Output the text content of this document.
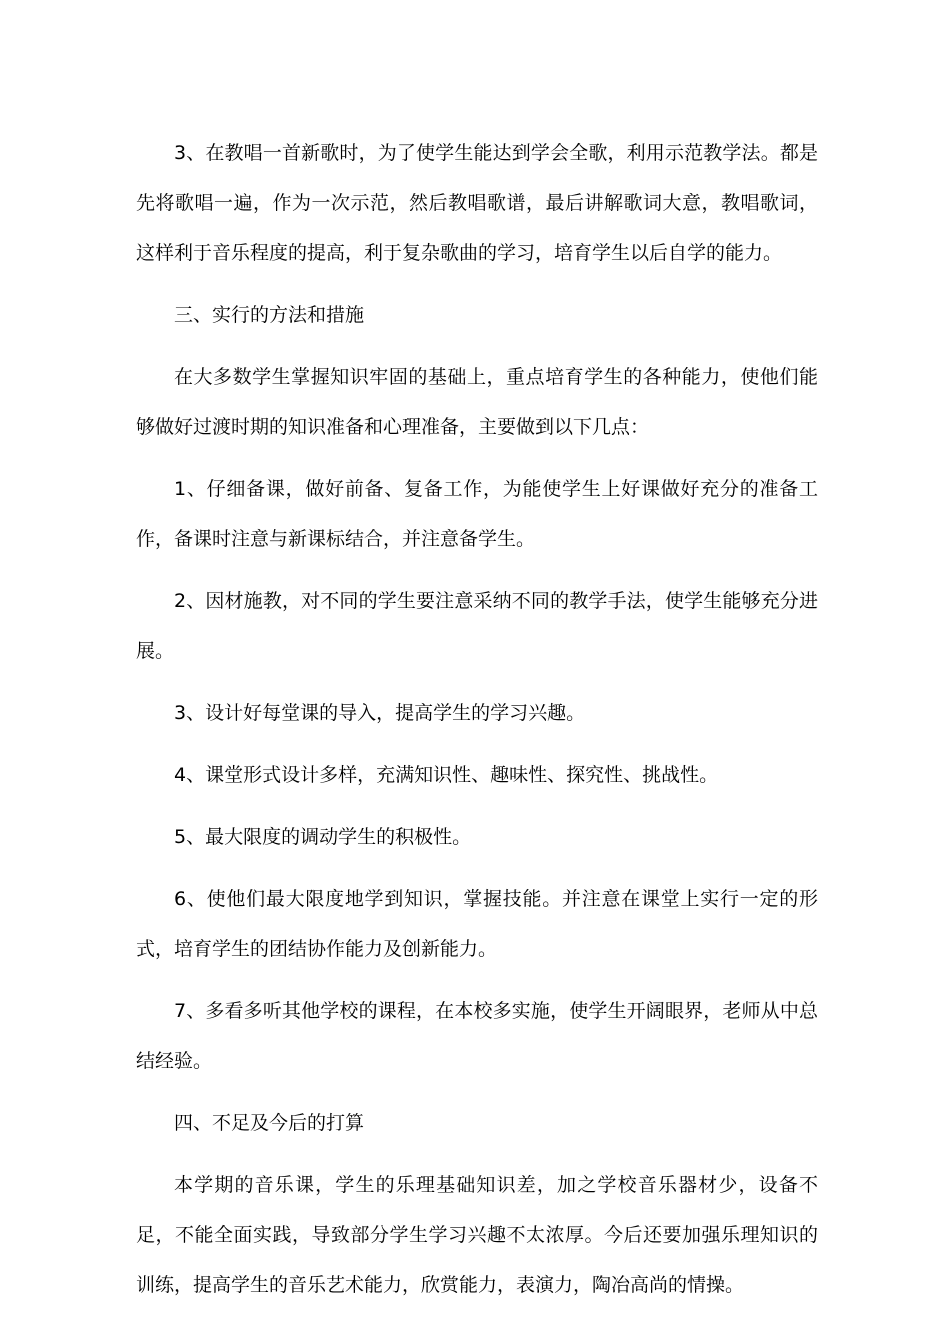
3、在教唱一首新歌时，为了使学生能达到学会全歌，利用示范教学法。都是先将歌唱一遍，作为一次示范，然后教唱歌谱，最后讲解歌词大意，教唱歌词，这样利于音乐程度的提高，利于复杂歌曲的学习，培育学生以后自学的能力。

三、实行的方法和措施

在大多数学生掌握知识牢固的基础上，重点培育学生的各种能力，使他们能够做好过渡时期的知识准备和心理准备，主要做到以下几点：

1、仔细备课，做好前备、复备工作，为能使学生上好课做好充分的准备工作，备课时注意与新课标结合，并注意备学生。

2、因材施教，对不同的学生要注意采纳不同的教学手法，使学生能够充分进展。

3、设计好每堂课的导入，提高学生的学习兴趣。

4、课堂形式设计多样，充满知识性、趣味性、探究性、挑战性。

5、最大限度的调动学生的积极性。

6、使他们最大限度地学到知识，掌握技能。并注意在课堂上实行一定的形式，培育学生的团结协作能力及创新能力。

7、多看多听其他学校的课程，在本校多实施，使学生开阔眼界，老师从中总结经验。

四、不足及今后的打算

本学期的音乐课，学生的乐理基础知识差，加之学校音乐器材少，设备不足，不能全面实践，导致部分学生学习兴趣不太浓厚。今后还要加强乐理知识的训练，提高学生的音乐艺术能力，欣赏能力，表演力，陶冶高尚的情操。
